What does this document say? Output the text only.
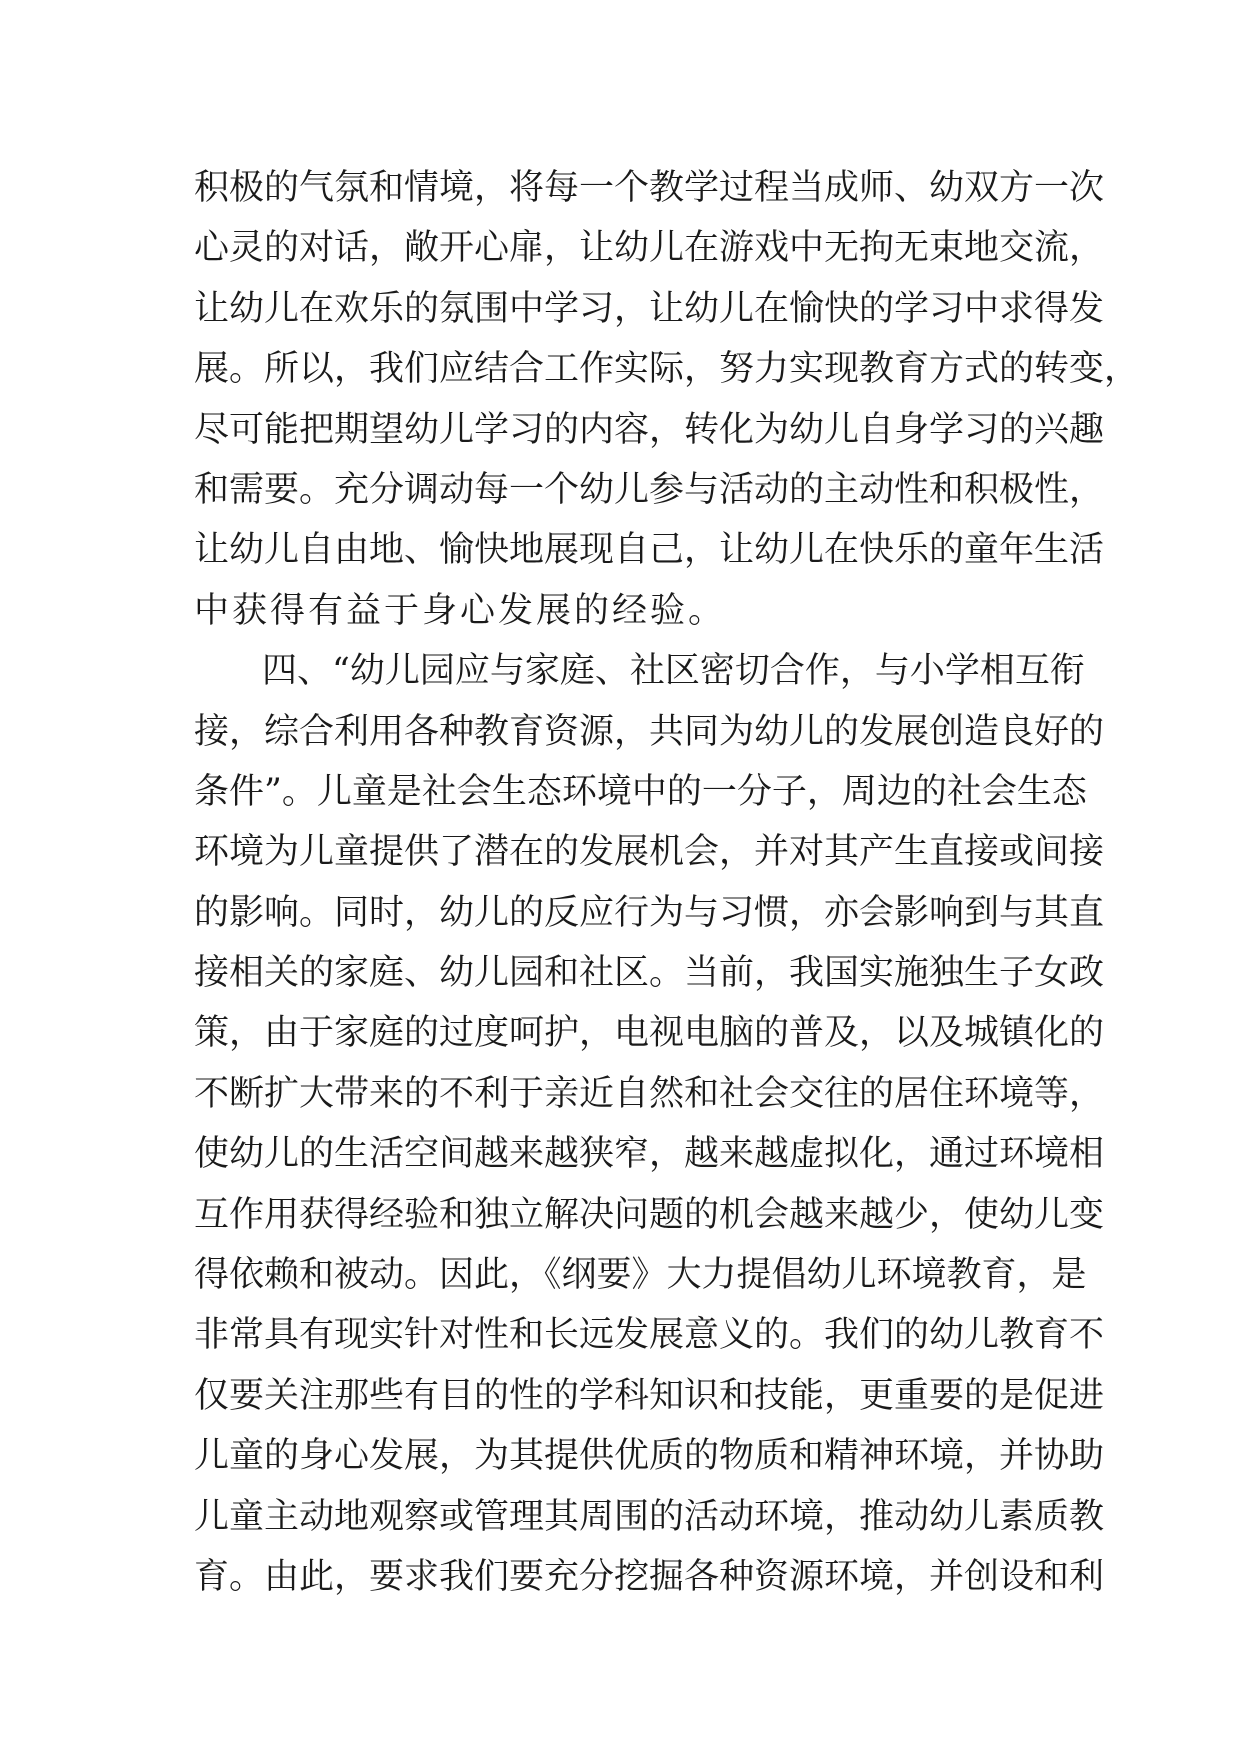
积极的气氛和情境，将每一个教学过程当成师、幼双方一次
心灵的对话，敞开心扉，让幼儿在游戏中无拘无束地交流，
让幼儿在欢乐的氛围中学习，让幼儿在愉快的学习中求得发
展。所以，我们应结合工作实际，努力实现教育方式的转变，
尽可能把期望幼儿学习的内容，转化为幼儿自身学习的兴趣
和需要。充分调动每一个幼儿参与活动的主动性和积极性，
让幼儿自由地、愉快地展现自己，让幼儿在快乐的童年生活
中获得有益于身心发展的经验。
四、“幼儿园应与家庭、社区密切合作，与小学相互衔
接，综合利用各种教育资源，共同为幼儿的发展创造良好的
条件”。儿童是社会生态环境中的一分子，周边的社会生态
环境为儿童提供了潜在的发展机会，并对其产生直接或间接
的影响。同时，幼儿的反应行为与习惯，亦会影响到与其直
接相关的家庭、幼儿园和社区。当前，我国实施独生子女政
策，由于家庭的过度呵护，电视电脑的普及，以及城镇化的
不断扩大带来的不利于亲近自然和社会交往的居住环境等，
使幼儿的生活空间越来越狭窄，越来越虚拟化，通过环境相
互作用获得经验和独立解决问题的机会越来越少，使幼儿变
得依赖和被动。因此，《纲要》大力提倡幼儿环境教育，是
非常具有现实针对性和长远发展意义的。我们的幼儿教育不
仅要关注那些有目的性的学科知识和技能，更重要的是促进
儿童的身心发展，为其提供优质的物质和精神环境，并协助
儿童主动地观察或管理其周围的活动环境，推动幼儿素质教
育。由此，要求我们要充分挖掘各种资源环境，并创设和利
